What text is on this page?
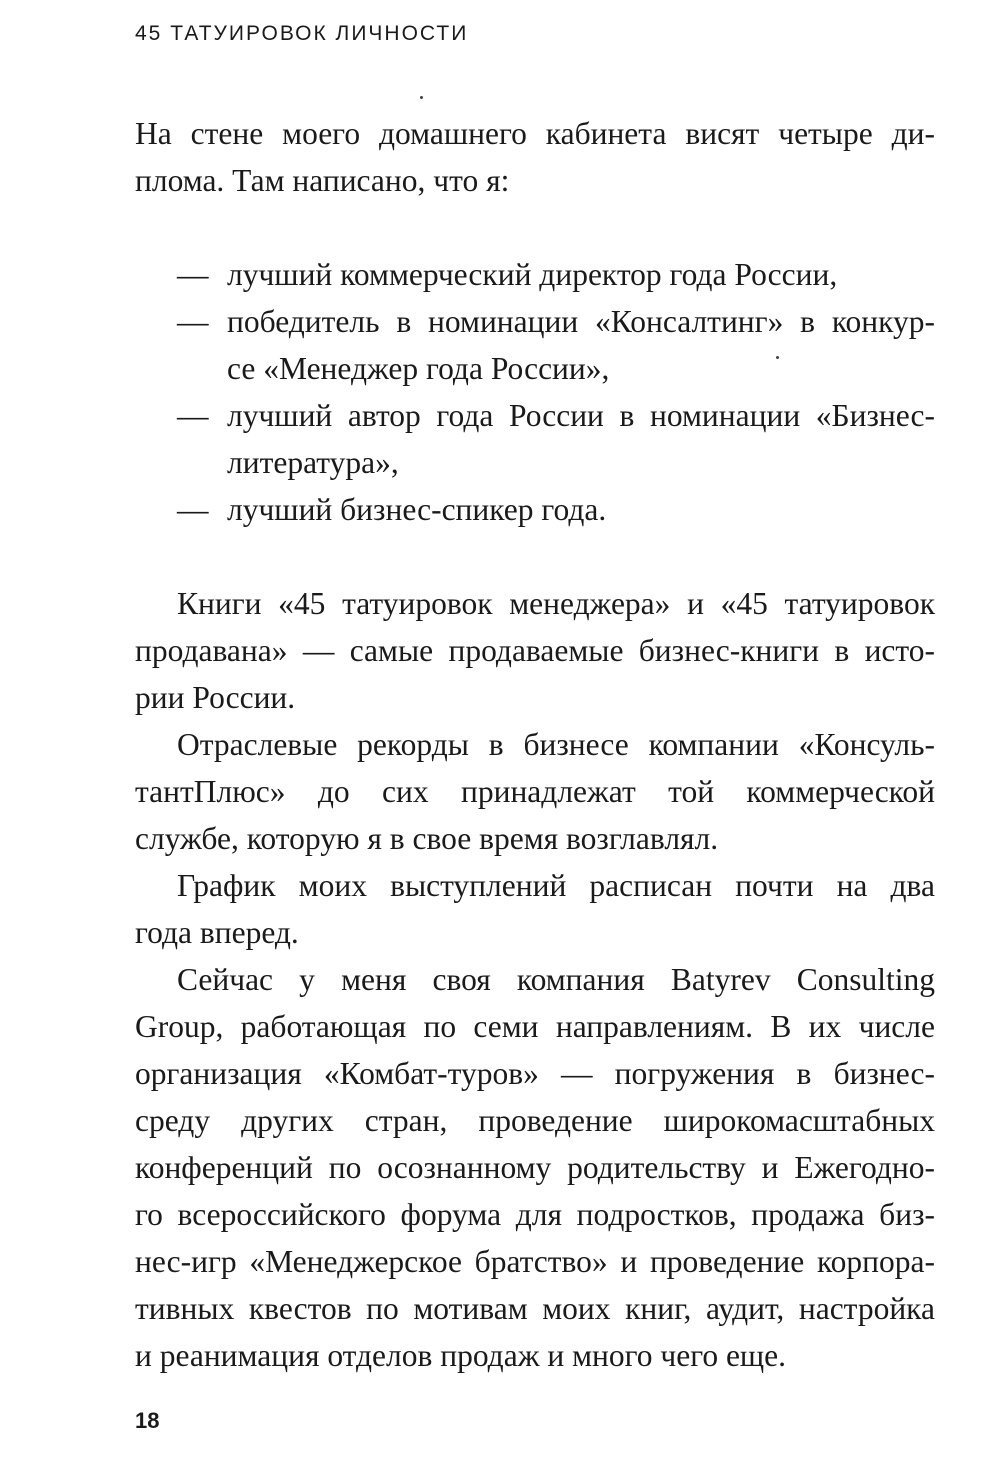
45 ТАТУИРОВОК ЛИЧНОСТИ
На стене моего домашнего кабинета висят четыре ди-
плома. Там написано, что я:
— лучший коммерческий директор года России,
— победитель в номинации «Консалтинг» в конкур-
се «Менеджер года России»,
— лучший автор года России в номинации «Бизнес-
литература»,
— лучший бизнес-спикер года.
Книги «45 татуировок менеджера» и «45 татуировок
продавана» — самые продаваемые бизнес-книги в исто-
рии России.
Отраслевые рекорды в бизнесе компании «Консуль-
тантПлюс» до сих принадлежат той коммерческой
службе, которую я в свое время возглавлял.
График моих выступлений расписан почти на два
года вперед.
Сейчас у меня своя компания Batyrev Consulting
Group, работающая по семи направлениям. В их числе
организация «Комбат-туров» — погружения в бизнес-
среду других стран, проведение широкомасштабных
конференций по осознанному родительству и Ежегодно-
го всероссийского форума для подростков, продажа биз-
нес-игр «Менеджерское братство» и проведение корпора-
тивных квестов по мотивам моих книг, аудит, настройка
и реанимация отделов продаж и много чего еще.
18
